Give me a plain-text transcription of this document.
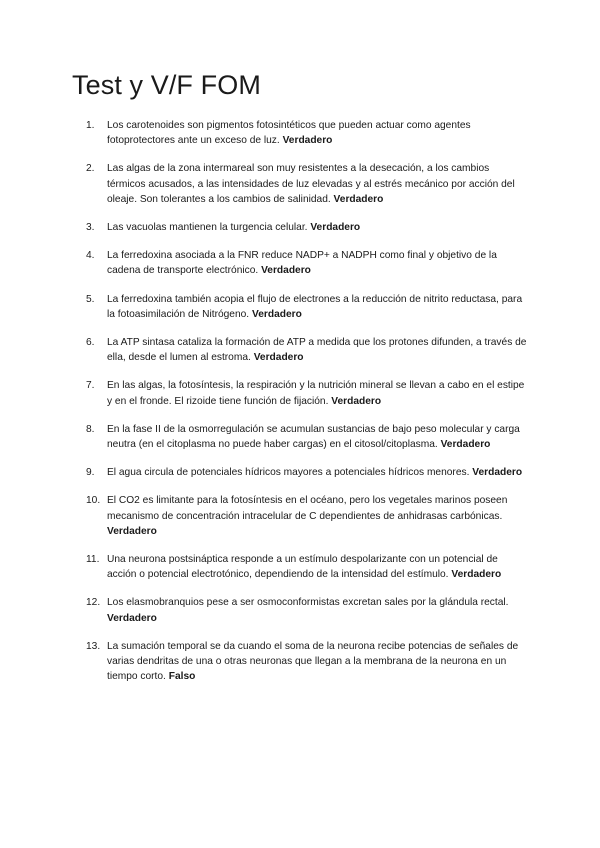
Test y V/F FOM
1.	Los carotenoides son pigmentos fotosintéticos que pueden actuar como agentes fotoprotectores ante un exceso de luz. Verdadero
2.	Las algas de la zona intermareal son muy resistentes a la desecación, a los cambios térmicos acusados, a las intensidades de luz elevadas y al estrés mecánico por acción del oleaje. Son tolerantes a los cambios de salinidad. Verdadero
3.	Las vacuolas mantienen la turgencia celular. Verdadero
4.	La ferredoxina asociada a la FNR reduce NADP+ a NADPH como final y objetivo de la cadena de transporte electrónico. Verdadero
5.	La ferredoxina también acopia el flujo de electrones a la reducción de nitrito reductasa, para la fotoasimilación de Nitrógeno. Verdadero
6.	La ATP sintasa cataliza la formación de ATP a medida que los protones difunden, a través de ella, desde el lumen al estroma. Verdadero
7.	En las algas, la fotosíntesis, la respiración y la nutrición mineral se llevan a cabo en el estipe y en el fronde. El rizoide tiene función de fijación. Verdadero
8.	En la fase II de la osmorregulación se acumulan sustancias de bajo peso molecular y carga neutra (en el citoplasma no puede haber cargas) en el citosol/citoplasma. Verdadero
9.	El agua circula de potenciales hídricos mayores a potenciales hídricos menores. Verdadero
10. El CO2 es limitante para la fotosíntesis en el océano, pero los vegetales marinos poseen mecanismo de concentración intracelular de C dependientes de anhidrasas carbónicas. Verdadero
11. Una neurona postsináptica responde a un estímulo despolarizante con un potencial de acción o potencial electrotónico, dependiendo de la intensidad del estímulo. Verdadero
12. Los elasmobranquios pese a ser osmoconformistas excretan sales por la glándula rectal. Verdadero
13. La sumación temporal se da cuando el soma de la neurona recibe potencias de señales de varias dendritas de una o otras neuronas que llegan a la membrana de la neurona en un tiempo corto. Falso
